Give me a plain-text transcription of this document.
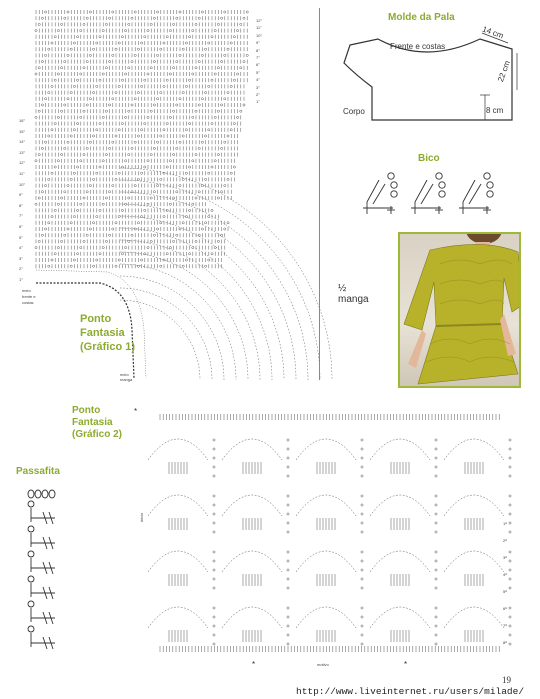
Ponto
Fantasia
(Gráfico 1)
meio manga
meio frente e costas
16°
15°
14°
13°
12°
11°
10°
9°
8°
7°
6°
5°
4°
3°
2°
1°
12°
11°
10°
9°
8°
7°
6°
5°
4°
3°
2°
1°
Molde da Pala
Frente e costas
Corpo
14 cm
22 cm
8 cm
Bico
½
manga
Ponto
Fantasia
(Gráfico 2)
início
motivo
*
*	*
8ª
7ª
6ª
5ª
4ª
3ª
2ª
1ª
Passafita
19
http://www.liveinternet.ru/users/milade/
